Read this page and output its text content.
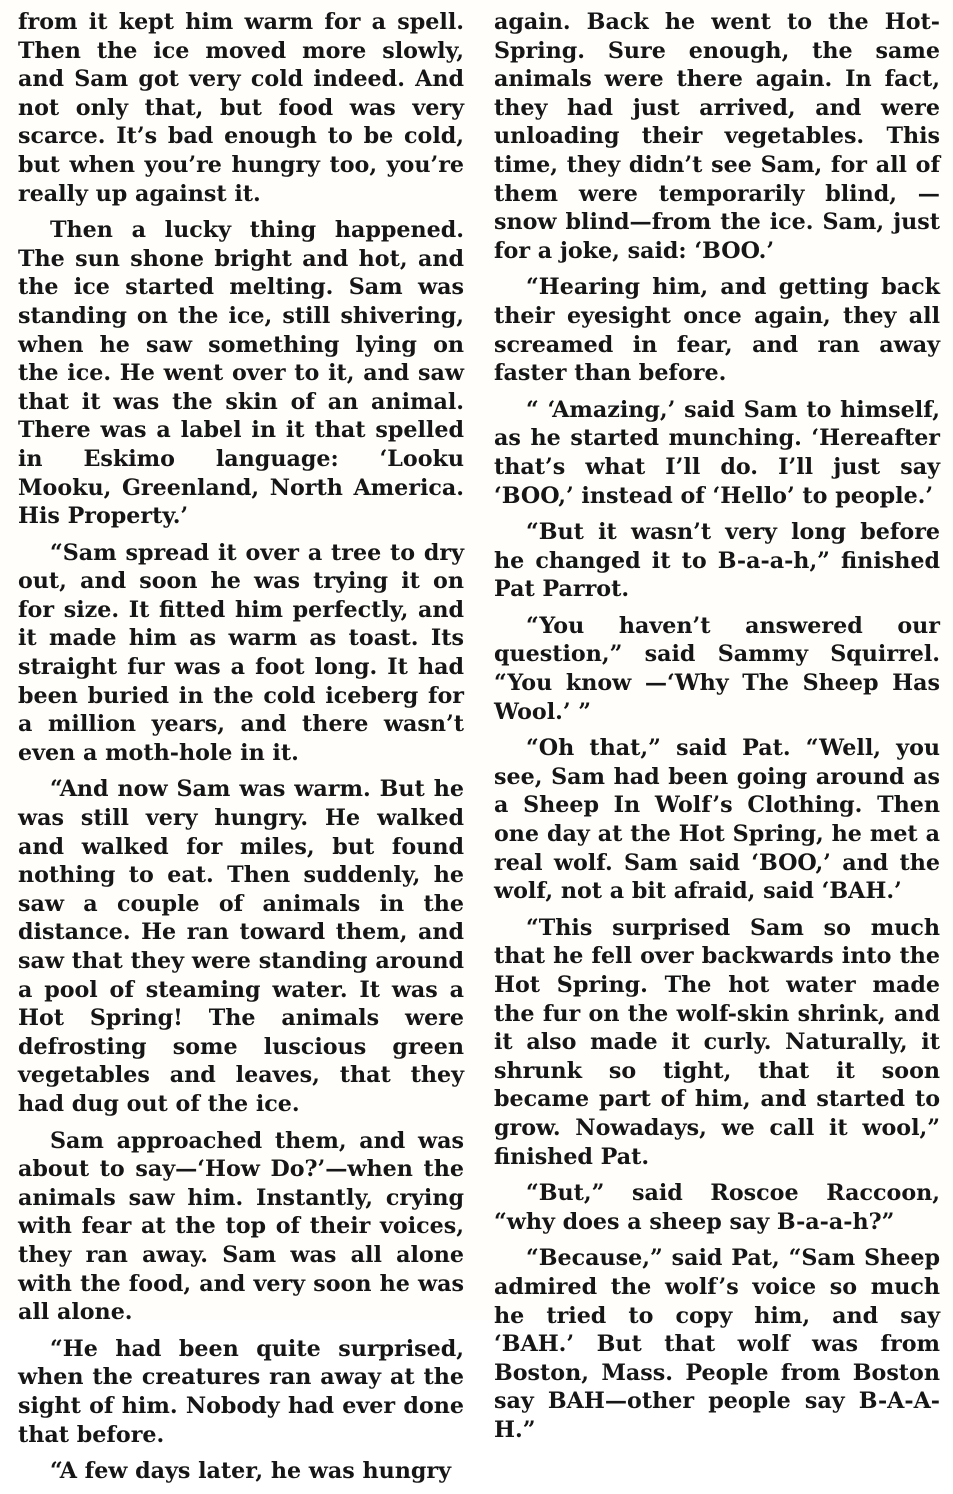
from it kept him warm for a spell. Then the ice moved more slowly, and Sam got very cold indeed. And not only that, but food was very scarce. It’s bad enough to be cold, but when you’re hungry too, you’re really up against it.

Then a lucky thing happened. The sun shone bright and hot, and the ice started melting. Sam was standing on the ice, still shivering, when he saw something lying on the ice. He went over to it, and saw that it was the skin of an animal. There was a label in it that spelled in Eskimo language: ‘Looku Mooku, Greenland, North America. His Property.’

“Sam spread it over a tree to dry out, and soon he was trying it on for size. It fitted him perfectly, and it made him as warm as toast. Its straight fur was a foot long. It had been buried in the cold iceberg for a million years, and there wasn’t even a moth-hole in it.

“And now Sam was warm. But he was still very hungry. He walked and walked for miles, but found nothing to eat. Then suddenly, he saw a couple of animals in the distance. He ran toward them, and saw that they were standing around a pool of steaming water. It was a Hot Spring! The animals were defrosting some luscious green vegetables and leaves, that they had dug out of the ice.

Sam approached them, and was about to say—‘How Do?’—when the animals saw him. Instantly, crying with fear at the top of their voices, they ran away. Sam was all alone with the food, and very soon he was all alone.

“He had been quite surprised, when the creatures ran away at the sight of him. Nobody had ever done that before.

“A few days later, he was hungry

again. Back he went to the Hot-Spring. Sure enough, the same animals were there again. In fact, they had just arrived, and were unloading their vegetables. This time, they didn’t see Sam, for all of them were temporarily blind, —snow blind—from the ice. Sam, just for a joke, said: ‘BOO.’

“Hearing him, and getting back their eyesight once again, they all screamed in fear, and ran away faster than before.

“ ‘Amazing,’ said Sam to himself, as he started munching. ‘Hereafter that’s what I’ll do. I’ll just say ‘BOO,’ instead of ‘Hello’ to people.’

“But it wasn’t very long before he changed it to B-a-a-h,” finished Pat Parrot.

“You haven’t answered our question,” said Sammy Squirrel. “You know —‘Why The Sheep Has Wool.’ ”

“Oh that,” said Pat. “Well, you see, Sam had been going around as a Sheep In Wolf’s Clothing. Then one day at the Hot Spring, he met a real wolf. Sam said ‘BOO,’ and the wolf, not a bit afraid, said ‘BAH.’

“This surprised Sam so much that he fell over backwards into the Hot Spring. The hot water made the fur on the wolf-skin shrink, and it also made it curly. Naturally, it shrunk so tight, that it soon became part of him, and started to grow. Nowadays, we call it wool,” finished Pat.

“But,” said Roscoe Raccoon, “why does a sheep say B-a-a-h?”

“Because,” said Pat, “Sam Sheep admired the wolf’s voice so much he tried to copy him, and say ‘BAH.’ But that wolf was from Boston, Mass. People from Boston say BAH—other people say B-A-A-H.”
